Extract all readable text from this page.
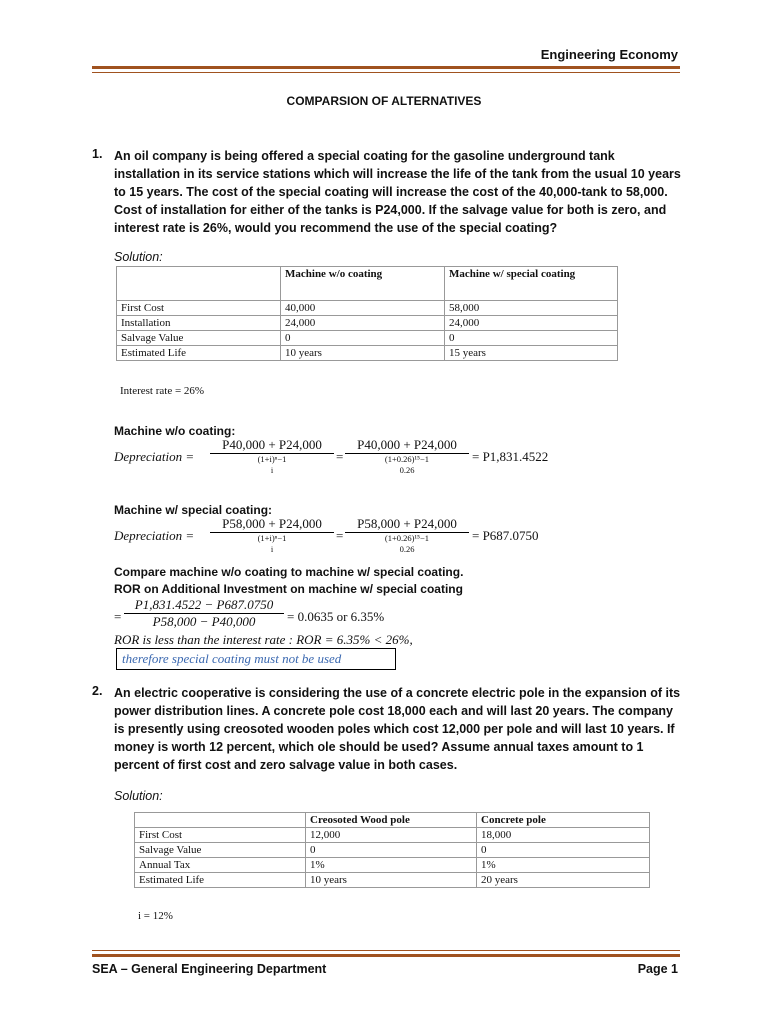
Engineering Economy
COMPARSION OF ALTERNATIVES
1. An oil company is being offered a special coating for the gasoline underground tank installation in its service stations which will increase the life of the tank from the usual 10 years to 15 years. The cost of the special coating will increase the cost of the 40,000-tank to 58,000. Cost of installation for either of the tanks is P24,000. If the salvage value for both is zero, and interest rate is 26%, would you recommend the use of the special coating?
Solution:
	Machine w/o coating	Machine w/ special coating
First Cost	40,000	58,000
Installation	24,000	24,000
Salvage Value	0	0
Estimated Life	10 years	15 years
Interest rate = 26%
Machine w/o coating:
Depreciation =
P40,000 + P24,000
(1+i)ⁿ−1
i
=
P40,000 + P24,000
(1+0.26)¹⁵−1
0.26
= P1,831.4522
Machine w/ special coating:
Depreciation =
P58,000 + P24,000
(1+i)ⁿ−1
i
=
P58,000 + P24,000
(1+0.26)¹⁵−1
0.26
= P687.0750
Compare machine w/o coating to machine w/ special coating.
ROR on Additional Investment on machine w/ special coating
= $\frac{P1,831.4522 - P687.0750}{P58,000 - P40,000} = 0.0635$ or 6.35%
ROR is less than the interest rate : ROR = 6.35% < 26%,
therefore special coating must not be used
2. An electric cooperative is considering the use of a concrete electric pole in the expansion of its power distribution lines. A concrete pole cost 18,000 each and will last 20 years. The company is presently using creosoted wooden poles which cost 12,000 per pole and will last 10 years. If money is worth 12 percent, which ole should be used? Assume annual taxes amount to 1 percent of first cost and zero salvage value in both cases.
Solution:
	Creosoted Wood pole	Concrete pole
First Cost	12,000	18,000
Salvage Value	0	0
Annual Tax	1%	1%
Estimated Life	10 years	20 years
i = 12%
SEA – General Engineering Department	Page 1
